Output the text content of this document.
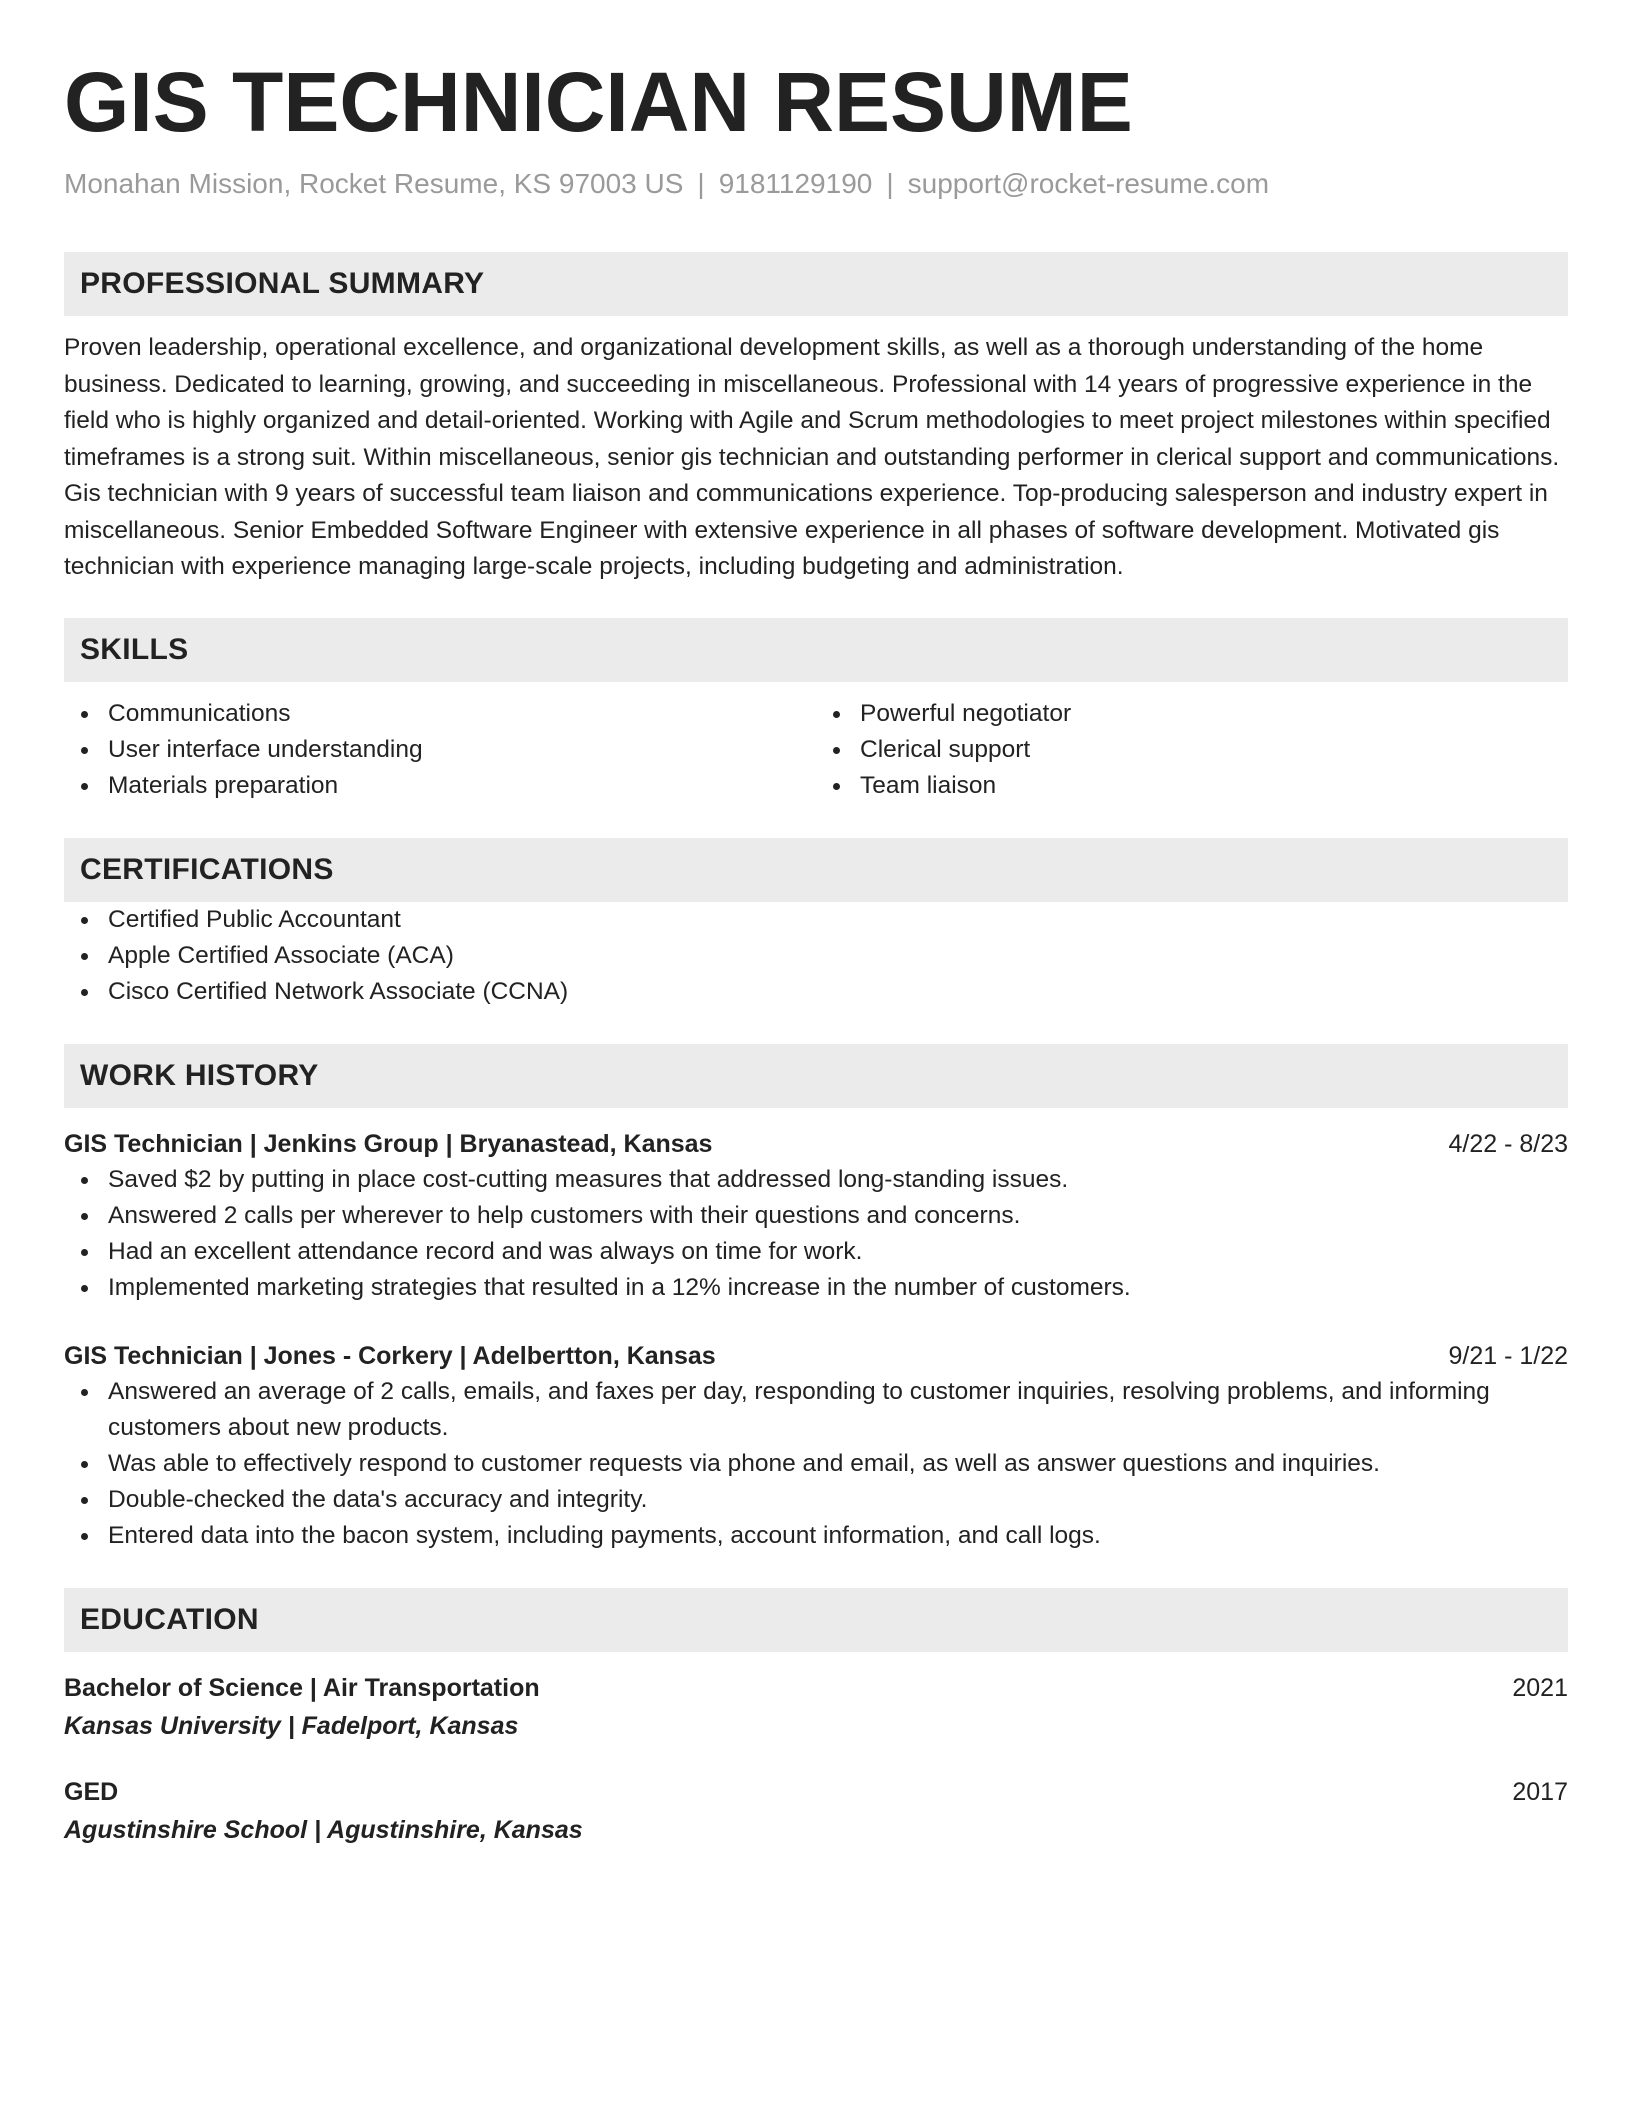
GIS TECHNICIAN RESUME
Monahan Mission, Rocket Resume, KS 97003 US | 9181129190 | support@rocket-resume.com
PROFESSIONAL SUMMARY
Proven leadership, operational excellence, and organizational development skills, as well as a thorough understanding of the home business. Dedicated to learning, growing, and succeeding in miscellaneous. Professional with 14 years of progressive experience in the field who is highly organized and detail-oriented. Working with Agile and Scrum methodologies to meet project milestones within specified timeframes is a strong suit. Within miscellaneous, senior gis technician and outstanding performer in clerical support and communications. Gis technician with 9 years of successful team liaison and communications experience. Top-producing salesperson and industry expert in miscellaneous. Senior Embedded Software Engineer with extensive experience in all phases of software development. Motivated gis technician with experience managing large-scale projects, including budgeting and administration.
SKILLS
Communications
User interface understanding
Materials preparation
Powerful negotiator
Clerical support
Team liaison
CERTIFICATIONS
Certified Public Accountant
Apple Certified Associate (ACA)
Cisco Certified Network Associate (CCNA)
WORK HISTORY
GIS Technician | Jenkins Group | Bryanastead, Kansas	4/22 - 8/23
Saved $2 by putting in place cost-cutting measures that addressed long-standing issues.
Answered 2 calls per wherever to help customers with their questions and concerns.
Had an excellent attendance record and was always on time for work.
Implemented marketing strategies that resulted in a 12% increase in the number of customers.
GIS Technician | Jones - Corkery | Adelbertton, Kansas	9/21 - 1/22
Answered an average of 2 calls, emails, and faxes per day, responding to customer inquiries, resolving problems, and informing customers about new products.
Was able to effectively respond to customer requests via phone and email, as well as answer questions and inquiries.
Double-checked the data's accuracy and integrity.
Entered data into the bacon system, including payments, account information, and call logs.
EDUCATION
Bachelor of Science | Air Transportation	2021
Kansas University | Fadelport, Kansas
GED	2017
Agustinshire School | Agustinshire, Kansas
